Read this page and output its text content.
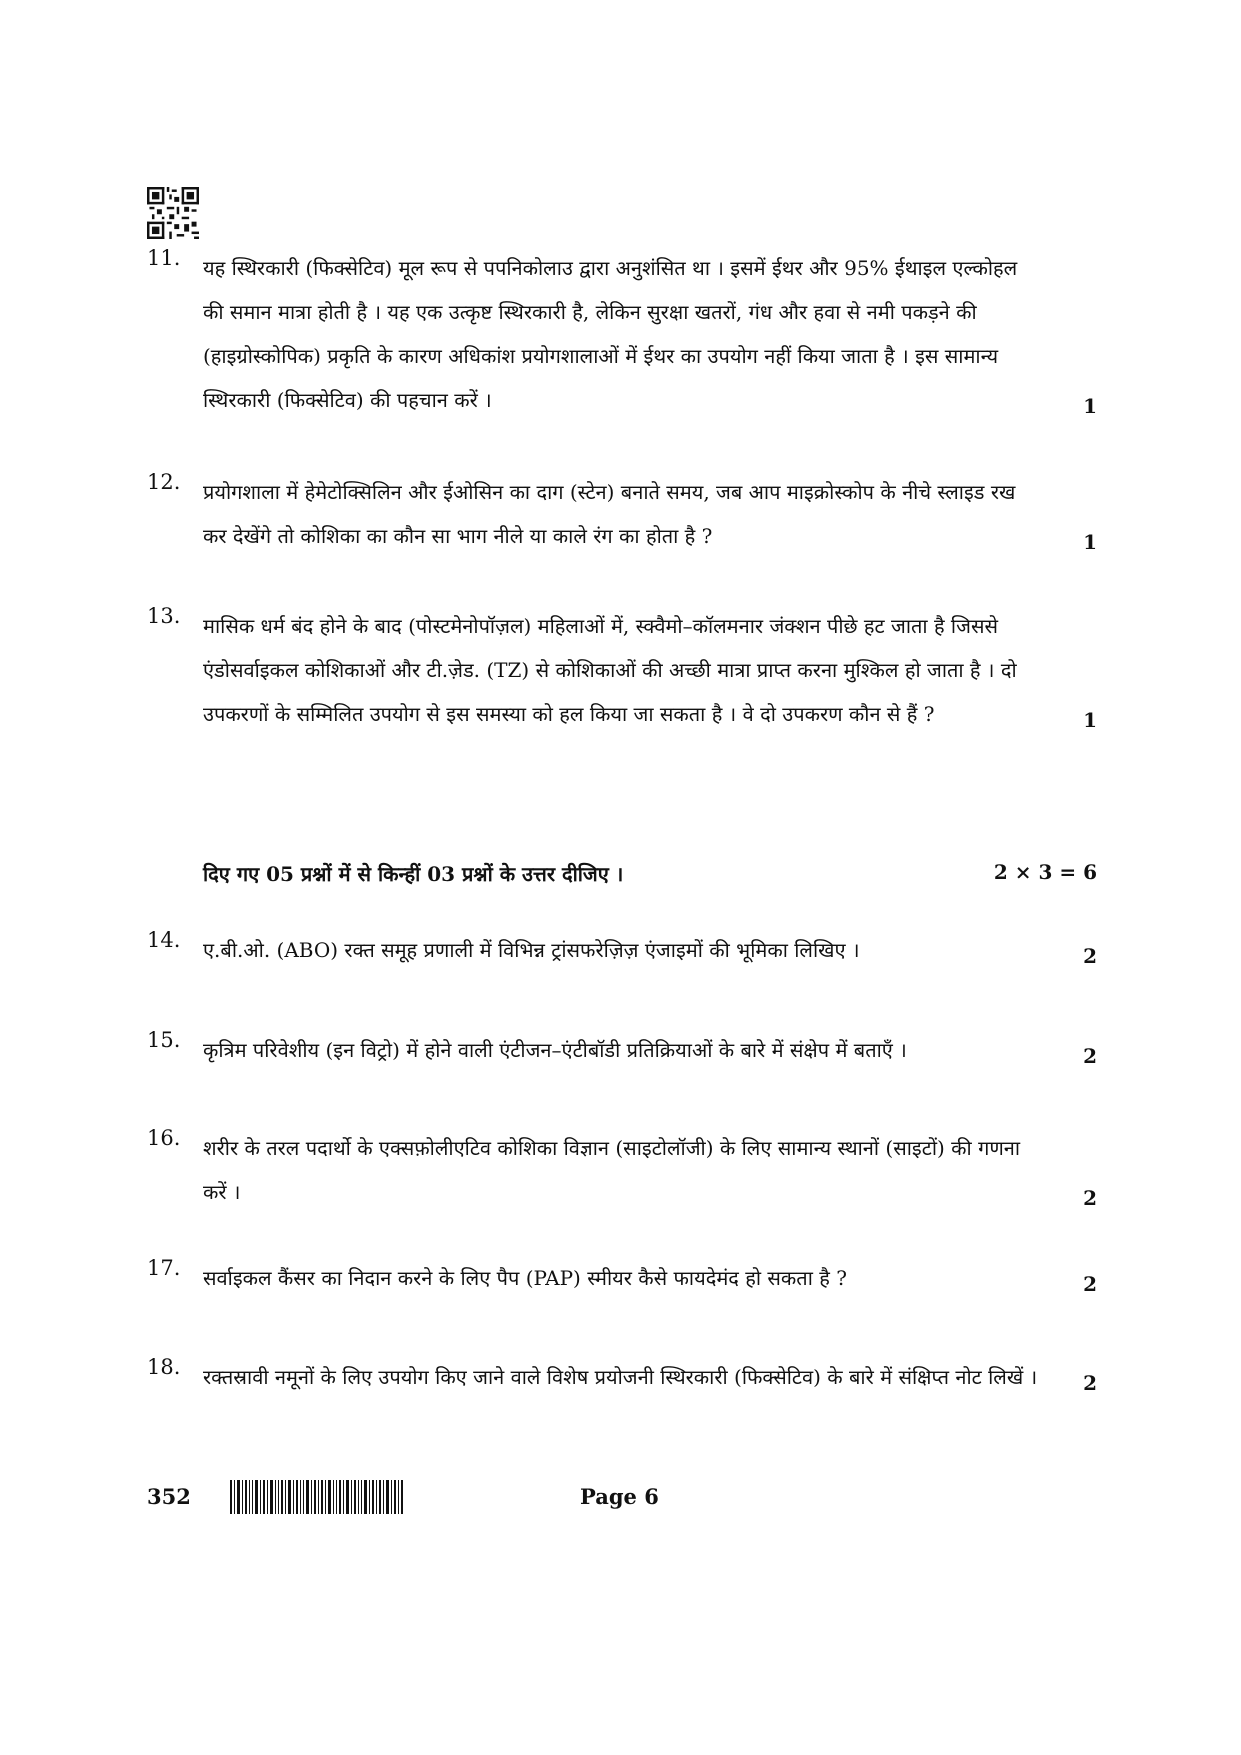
11. यह स्थिरकारी (फिक्सेटिव) मूल रूप से पपनिकोलाउ द्वारा अनुशंसित था । इसमें ईथर और 95% ईथाइल एल्कोहल की समान मात्रा होती है । यह एक उत्कृष्ट स्थिरकारी है, लेकिन सुरक्षा खतरों, गंध और हवा से नमी पकड़ने की (हाइग्रोस्कोपिक) प्रकृति के कारण अधिकांश प्रयोगशालाओं में ईथर का उपयोग नहीं किया जाता है । इस सामान्य स्थिरकारी (फिक्सेटिव) की पहचान करें ।	1
12. प्रयोगशाला में हेमेटोक्सिलिन और ईओसिन का दाग (स्टेन) बनाते समय, जब आप माइक्रोस्कोप के नीचे स्लाइड रख कर देखेंगे तो कोशिका का कौन सा भाग नीले या काले रंग का होता है ?	1
13. मासिक धर्म बंद होने के बाद (पोस्टमेनोपॉज़ल) महिलाओं में, स्क्वैमो–कॉलमनार जंक्शन पीछे हट जाता है जिससे एंडोसर्वाइकल कोशिकाओं और टी.ज़ेड. (TZ) से कोशिकाओं की अच्छी मात्रा प्राप्त करना मुश्किल हो जाता है । दो उपकरणों के सम्मिलित उपयोग से इस समस्या को हल किया जा सकता है । वे दो उपकरण कौन से हैं ?	1
दिए गए 05 प्रश्नों में से किन्हीं 03 प्रश्नों के उत्तर दीजिए ।	2 × 3 = 6
14. ए.बी.ओ. (ABO) रक्त समूह प्रणाली में विभिन्न ट्रांसफरेज़िज़ एंजाइमों की भूमिका लिखिए ।	2
15. कृत्रिम परिवेशीय (इन विट्रो) में होने वाली एंटीजन–एंटीबॉडी प्रतिक्रियाओं के बारे में संक्षेप में बताएँ ।	2
16. शरीर के तरल पदार्थो के एक्सफ़ोलीएटिव कोशिका विज्ञान (साइटोलॉजी) के लिए सामान्य स्थानों (साइटों) की गणना करें ।	2
17. सर्वाइकल कैंसर का निदान करने के लिए पैप (PAP) स्मीयर कैसे फायदेमंद हो सकता है ?	2
18. रक्तस्रावी नमूनों के लिए उपयोग किए जाने वाले विशेष प्रयोजनी स्थिरकारी (फिक्सेटिव) के बारे में संक्षिप्त नोट लिखें । 2
352	Page 6
